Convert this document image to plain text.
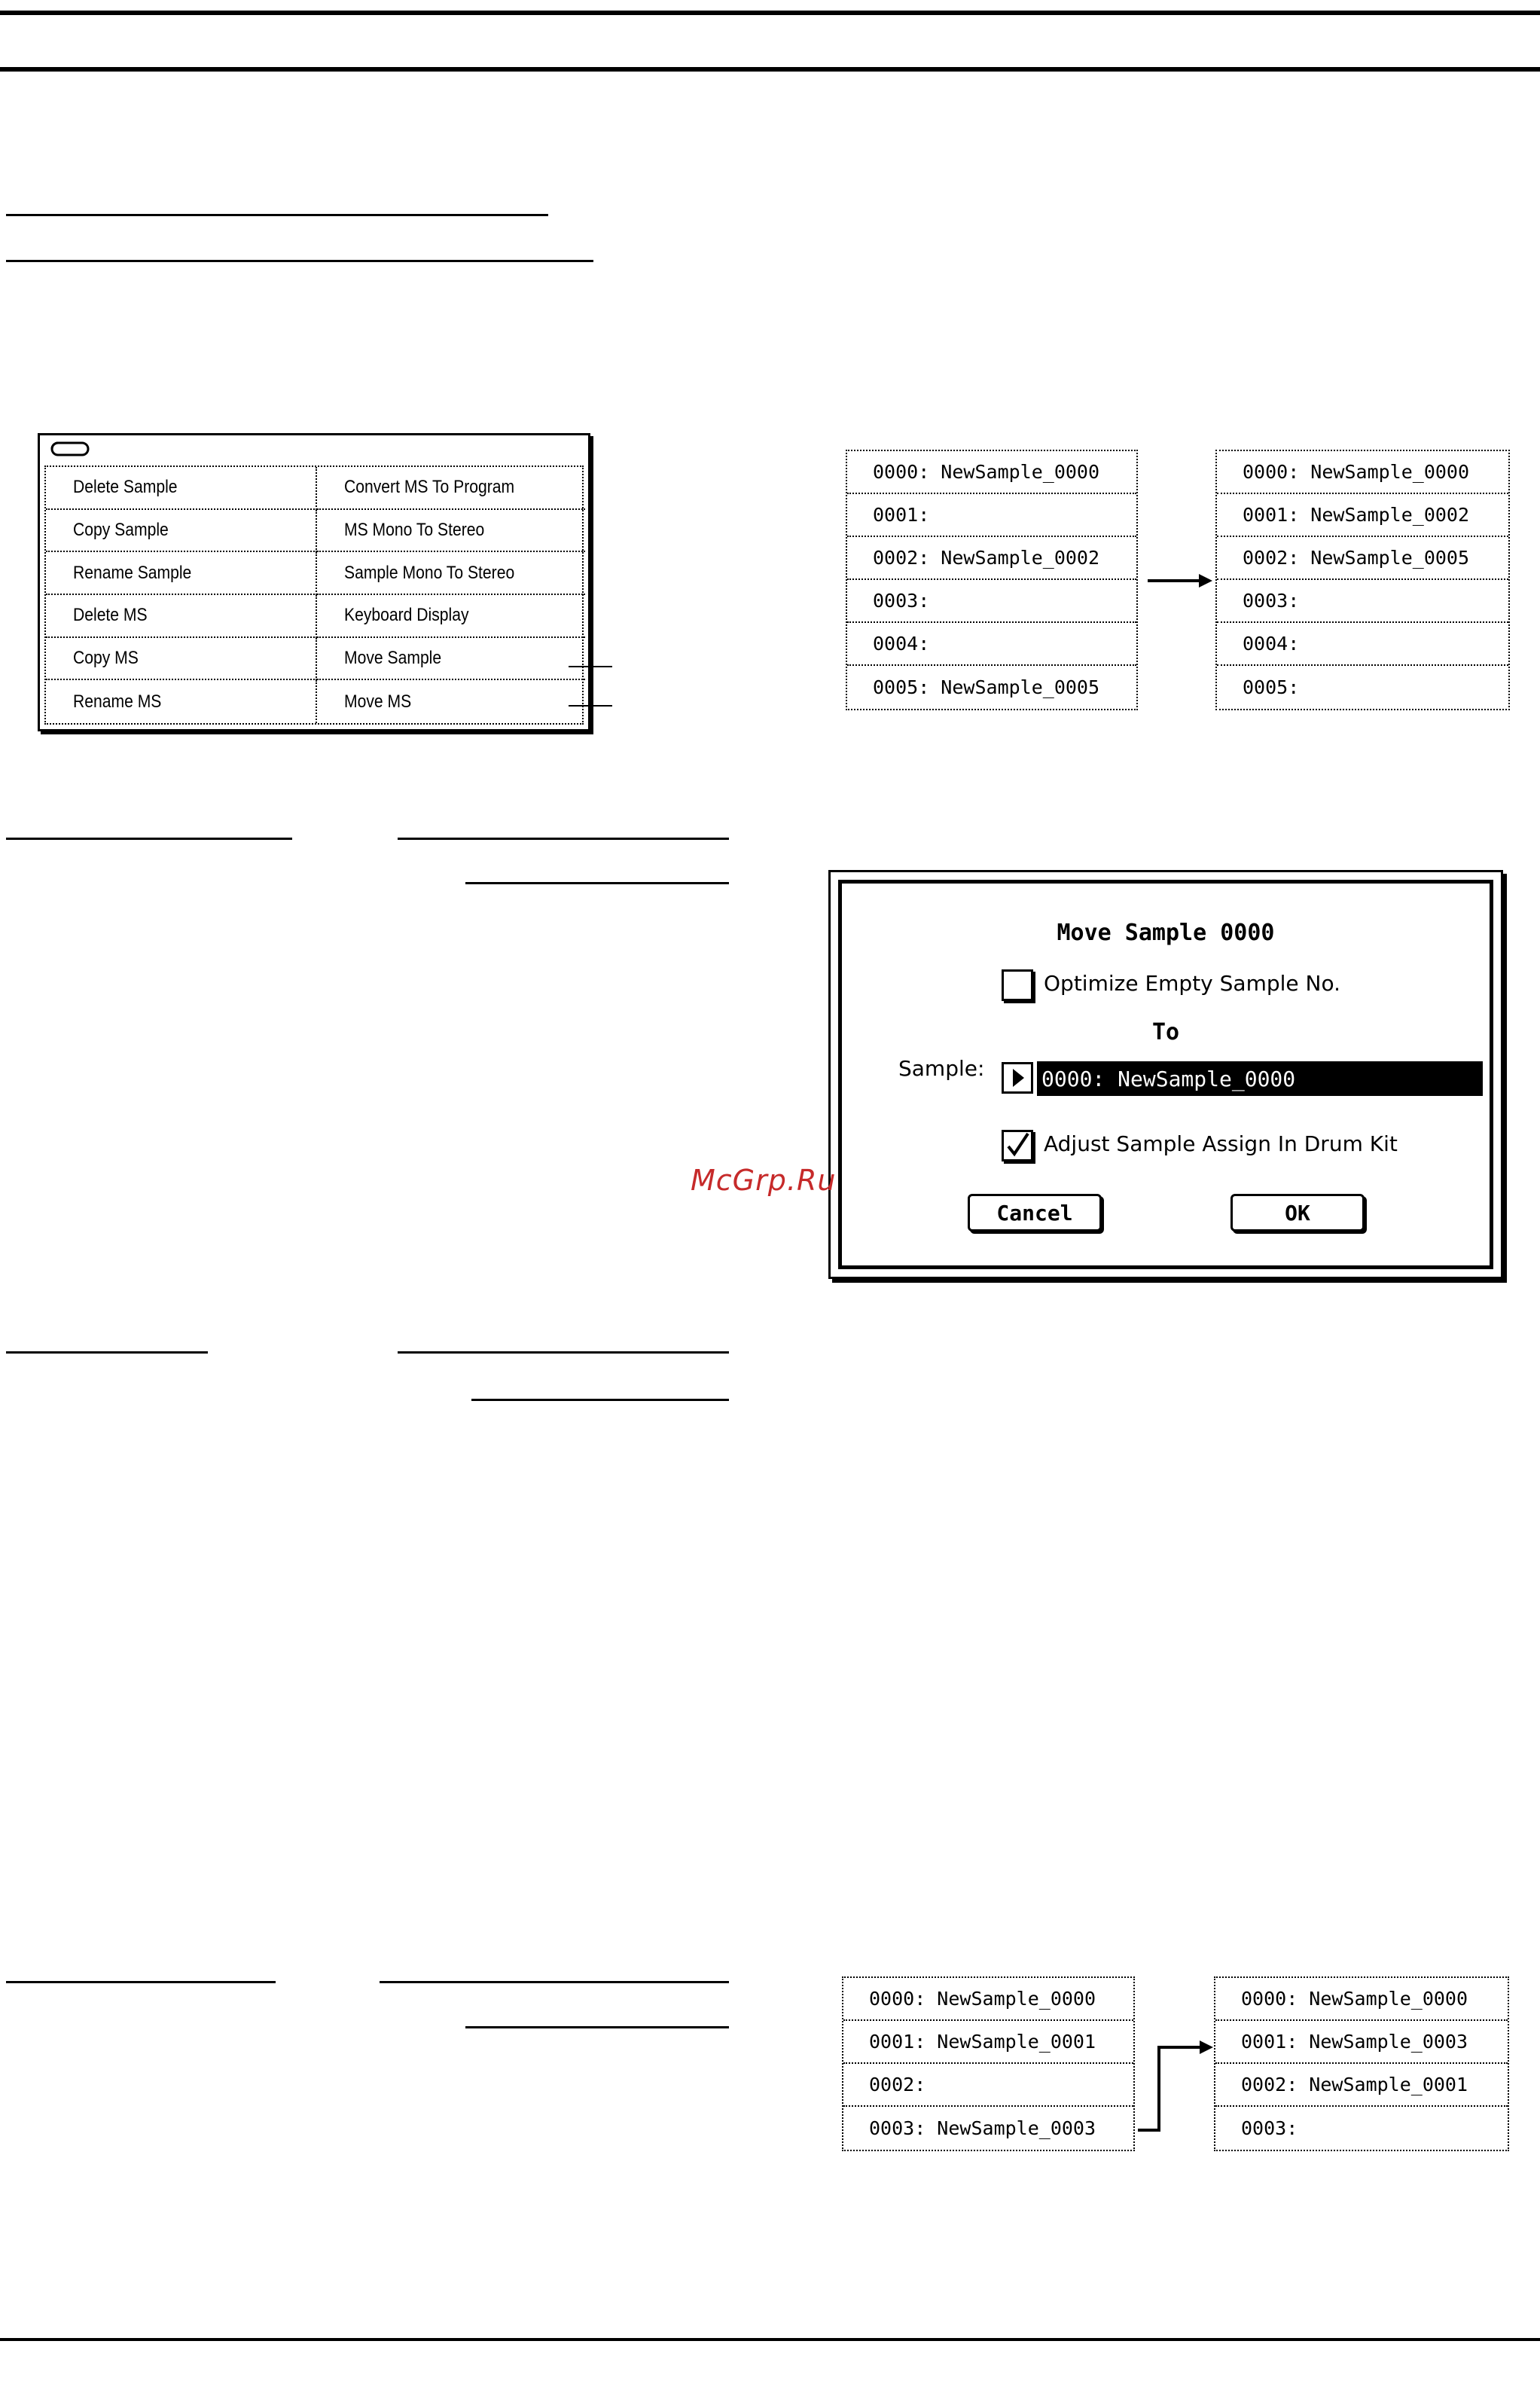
Delete Sample	Convert MS To Program
Copy Sample	MS Mono To Stereo
Rename Sample	Sample Mono To Stereo
Delete MS	Keyboard Display
Copy MS	Move Sample
Rename MS	Move MS
0000: NewSample_0000
0001:
0002: NewSample_0002
0003:
0004:
0005: NewSample_0005
0000: NewSample_0000
0001: NewSample_0002
0002: NewSample_0005
0003:
0004:
0005:
Move Sample 0000
Optimize Empty Sample No.
To
0000: NewSample_0000
Adjust Sample Assign In Drum Kit
Cancel	OK
Sample:
McGrp.Ru
0000: NewSample_0000
0001: NewSample_0001
0002:
0003: NewSample_0003
0000: NewSample_0000
0001: NewSample_0003
0002: NewSample_0001
0003:
